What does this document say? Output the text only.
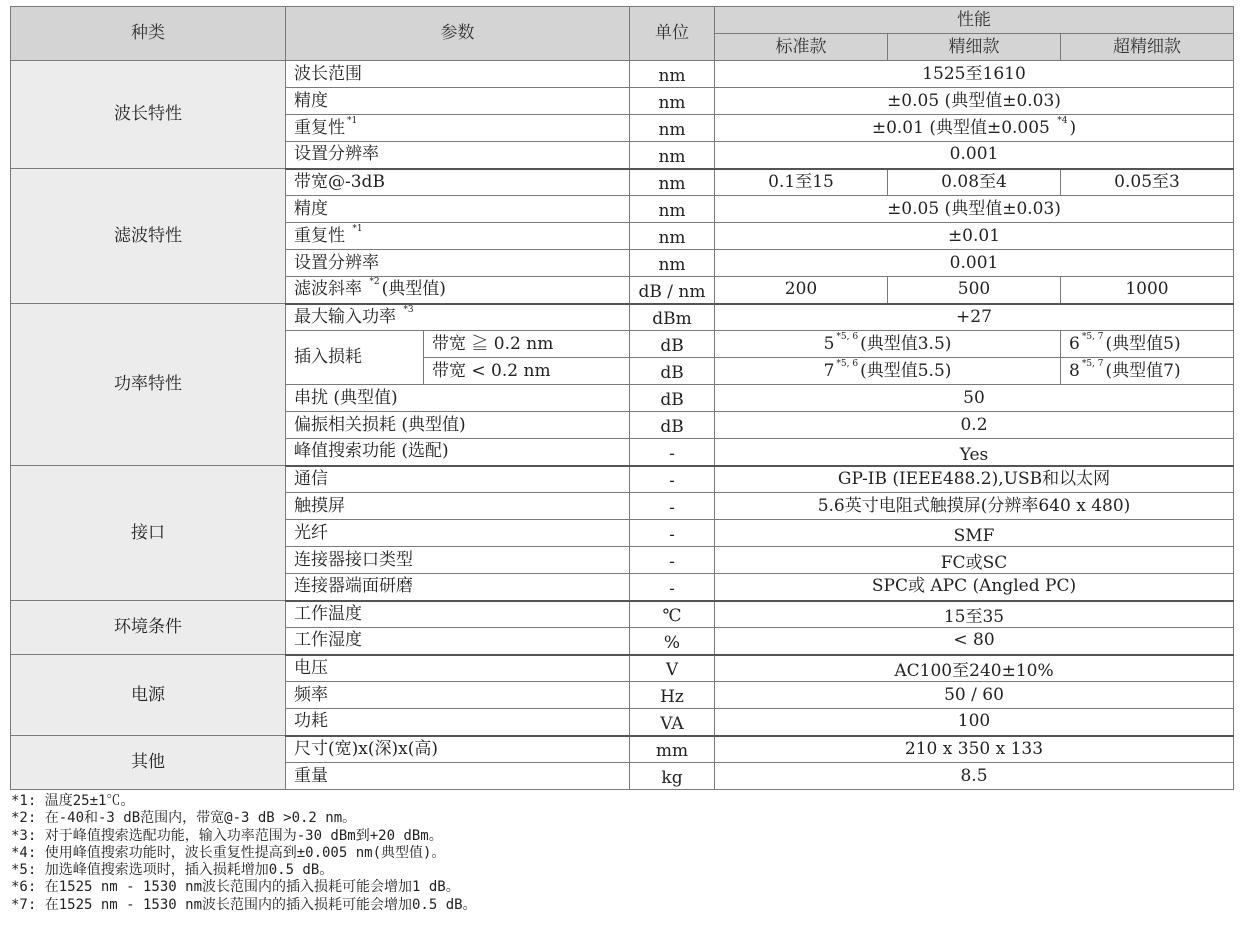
种类	参数		单位	性能		
				标准款	精细款	超精细款
波长特性	波长范围		nm	1525至1610		
	精度		nm	±0.05 (典型值±0.03)		
	重复性 $^{*1}$		nm	±0.01 (典型值±0.005 $^{*4}$ )		
	设置分辨率		nm	0.001		
滤波特性	带宽@-3dB		nm	0.1至15	0.08至4	0.05至3
	精度		nm	±0.05 (典型值±0.03)		
	重复性 $^{*1}$		nm	±0.01		
	设置分辨率		nm	0.001		
	滤波斜率 $^{*2}$ (典型值)		dB / nm	200	500	1000
功率特性	最大输入功率 $^{*3}$		dBm	+27		
	插入损耗	带宽 ≧ 0.2 nm	dB	5 $^{*5, 6}$ (典型值3.5)		6 $^{*5, 7}$ (典型值5)
		带宽 < 0.2 nm	dB	7 $^{*5, 6}$ (典型值5.5)		8 $^{*5, 7}$ (典型值7)
	串扰 (典型值)		dB	50		
	偏振相关损耗 (典型值)		dB	0.2		
	峰值搜索功能 (选配)		-	Yes		
接口	通信		-	GP-IB (IEEE488.2),USB和以太网		
	触摸屏		-	5.6英寸电阻式触摸屏(分辨率640 x 480)		
	光纤		-	SMF		
	连接器接口类型		-	FC或SC		
	连接器端面研磨		-	SPC或 APC (Angled PC)		
环境条件	工作温度		℃	15至35		
	工作湿度		%	< 80		
电源	电压		V	AC100至240±10%		
	频率		Hz	50 / 60		
	功耗		VA	100		
其他	尺寸(宽)x(深)x(高)		mm	210 x 350 x 133		
	重量		kg	8.5		
*1: 温度25±1℃。
*2: 在-40和-3 dB范围内，带宽@-3 dB >0.2 nm。
*3: 对于峰值搜索选配功能，输入功率范围为-30 dBm到+20 dBm。
*4: 使用峰值搜索功能时，波长重复性提高到±0.005 nm(典型值)。
*5: 加选峰值搜索选项时，插入损耗增加0.5 dB。
*6: 在1525 nm - 1530 nm波长范围内的插入损耗可能会增加1 dB。
*7: 在1525 nm - 1530 nm波长范围内的插入损耗可能会增加0.5 dB。
